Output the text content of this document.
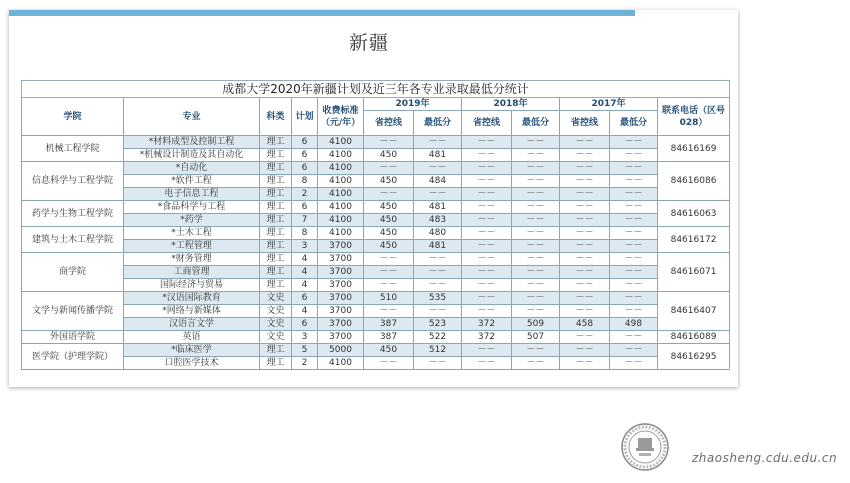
新疆
成都大学2020年新疆计划及近三年各专业录取最低分统计											
学院	专业	科类	计划	收费标准（元/年）	2019年		2018年		2017年		联系电话（区号028）
					省控线	最低分	省控线	最低分	省控线	最低分	
机械工程学院	*材料成型及控制工程	理工	6	4100	－－	－－	－－	－－	－－	－－	84616169
	*机械设计制造及其自动化	理工	6	4100	450	481	－－	－－	－－	－－	
信息科学与工程学院	*自动化	理工	6	4100	－－	－－	－－	－－	－－	－－	84616086
	*软件工程	理工	8	4100	450	484	－－	－－	－－	－－	
	电子信息工程	理工	2	4100	－－	－－	－－	－－	－－	－－	
药学与生物工程学院	*食品科学与工程	理工	6	4100	450	481	－－	－－	－－	－－	84616063
	*药学	理工	7	4100	450	483	－－	－－	－－	－－	
建筑与土木工程学院	*土木工程	理工	8	4100	450	480	－－	－－	－－	－－	84616172
	*工程管理	理工	3	3700	450	481	－－	－－	－－	－－	
商学院	*财务管理	理工	4	3700	－－	－－	－－	－－	－－	－－	84616071
	工商管理	理工	4	3700	－－	－－	－－	－－	－－	－－	
	国际经济与贸易	理工	4	3700	－－	－－	－－	－－	－－	－－	
文学与新闻传播学院	*汉语国际教育	文史	6	3700	510	535	－－	－－	－－	－－	84616407
	*网络与新媒体	文史	4	3700	－－	－－	－－	－－	－－	－－	
	汉语言文学	文史	6	3700	387	523	372	509	458	498	
外国语学院	英语	文史	3	3700	387	522	372	507	－－	－－	84616089
医学院（护理学院）	*临床医学	理工	5	5000	450	512	－－	－－	－－	－－	84616295
	口腔医学技术	理工	2	4100	－－	－－	－－	－－	－－	－－	
zhaosheng.cdu.edu.cn
